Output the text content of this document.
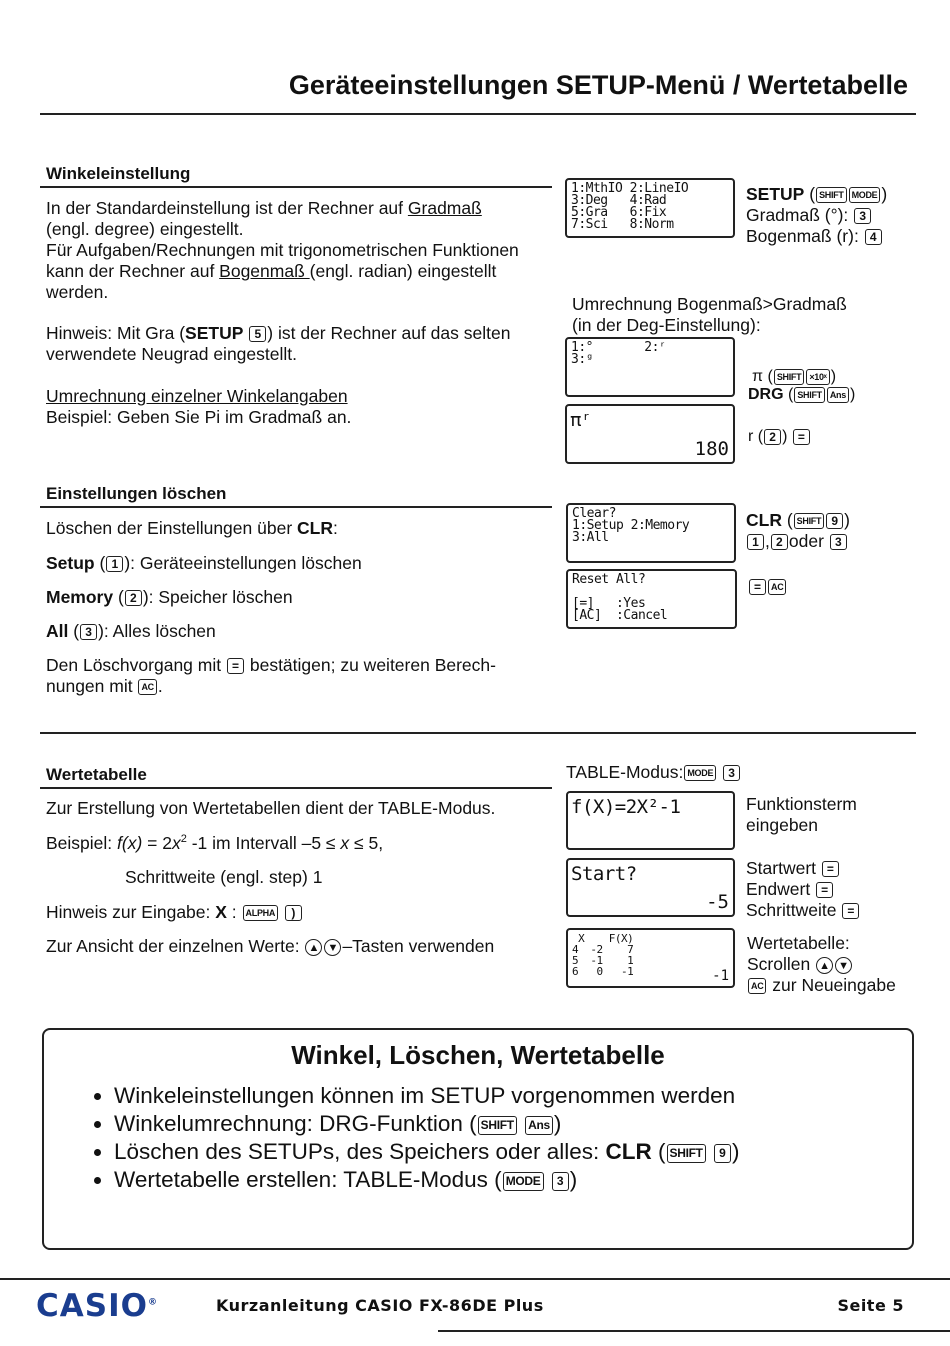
Geräteeinstellungen SETUP-Menü / Wertetabelle
Winkeleinstellung
In der Standardeinstellung ist der Rechner auf Gradmaß
(engl. degree) eingestellt.
Für Aufgaben/Rechnungen mit trigonometrischen Funktionen
kann der Rechner auf Bogenmaß (engl. radian) eingestellt
werden.
Hinweis: Mit Gra (SETUP 5 ) ist der Rechner auf das selten
verwendete Neugrad eingestellt.
Umrechnung einzelner Winkelangaben
Beispiel: Geben Sie Pi im Gradmaß an.
1:MthIO 2:LineIO
3:Deg   4:Rad
5:Gra   6:Fix
7:Sci   8:Norm
SETUP ( SHIFT MODE )
Gradmaß (°): 3
Bogenmaß (r): 4
Umrechnung Bogenmaß>Gradmaß
(in der Deg-Einstellung):
1:°       2:ʳ
3:ᵍ
π ( SHIFT ×10ˣ )

DRG ( SHIFT Ans )
πʳ
180
r ( 2 ) =
Einstellungen löschen
Löschen der Einstellungen über CLR:
Setup ( 1 ): Geräteeinstellungen löschen
Memory ( 2 ): Speicher löschen
All ( 3 ): Alles löschen
Den Löschvorgang mit = bestätigen; zu weiteren Berech-
nungen mit AC .
Clear?
1:Setup 2:Memory
3:All
CLR ( SHIFT 9 )
1 , 2 oder 3
Reset All?

[=]   :Yes
[AC]  :Cancel
= AC
Wertetabelle
Zur Erstellung von Wertetabellen dient der TABLE-Modus.
Beispiel: $f(x) = 2x^2$ -1 im Intervall –5 ≤ x ≤ 5,
Schrittweite (engl. step) 1
Hinweis zur Eingabe: X : ALPHA )
Zur Ansicht der einzelnen Werte: ▲ ▼ –Tasten verwenden
TABLE-Modus: MODE 3
f(X)=2X²-1	Funktionsterm
eingeben
Start?
-5
Startwert =
Endwert =
Schrittweite =
X    F(X)
4  -2    7
5  -1    1
6   0   -1	-1
Wertetabelle:
Scrollen ▲ ▼
AC zur Neueingabe
Winkel, Löschen, Wertetabelle
• Winkeleinstellungen können im SETUP vorgenommen werden
• Winkelumrechnung: DRG-Funktion ( SHIFT Ans )
• Löschen des SETUPs, des Speichers oder alles: CLR ( SHIFT 9 )
• Wertetabelle erstellen: TABLE-Modus ( MODE 3 )
CASIO®	Kurzanleitung CASIO FX-86DE Plus	Seite 5
